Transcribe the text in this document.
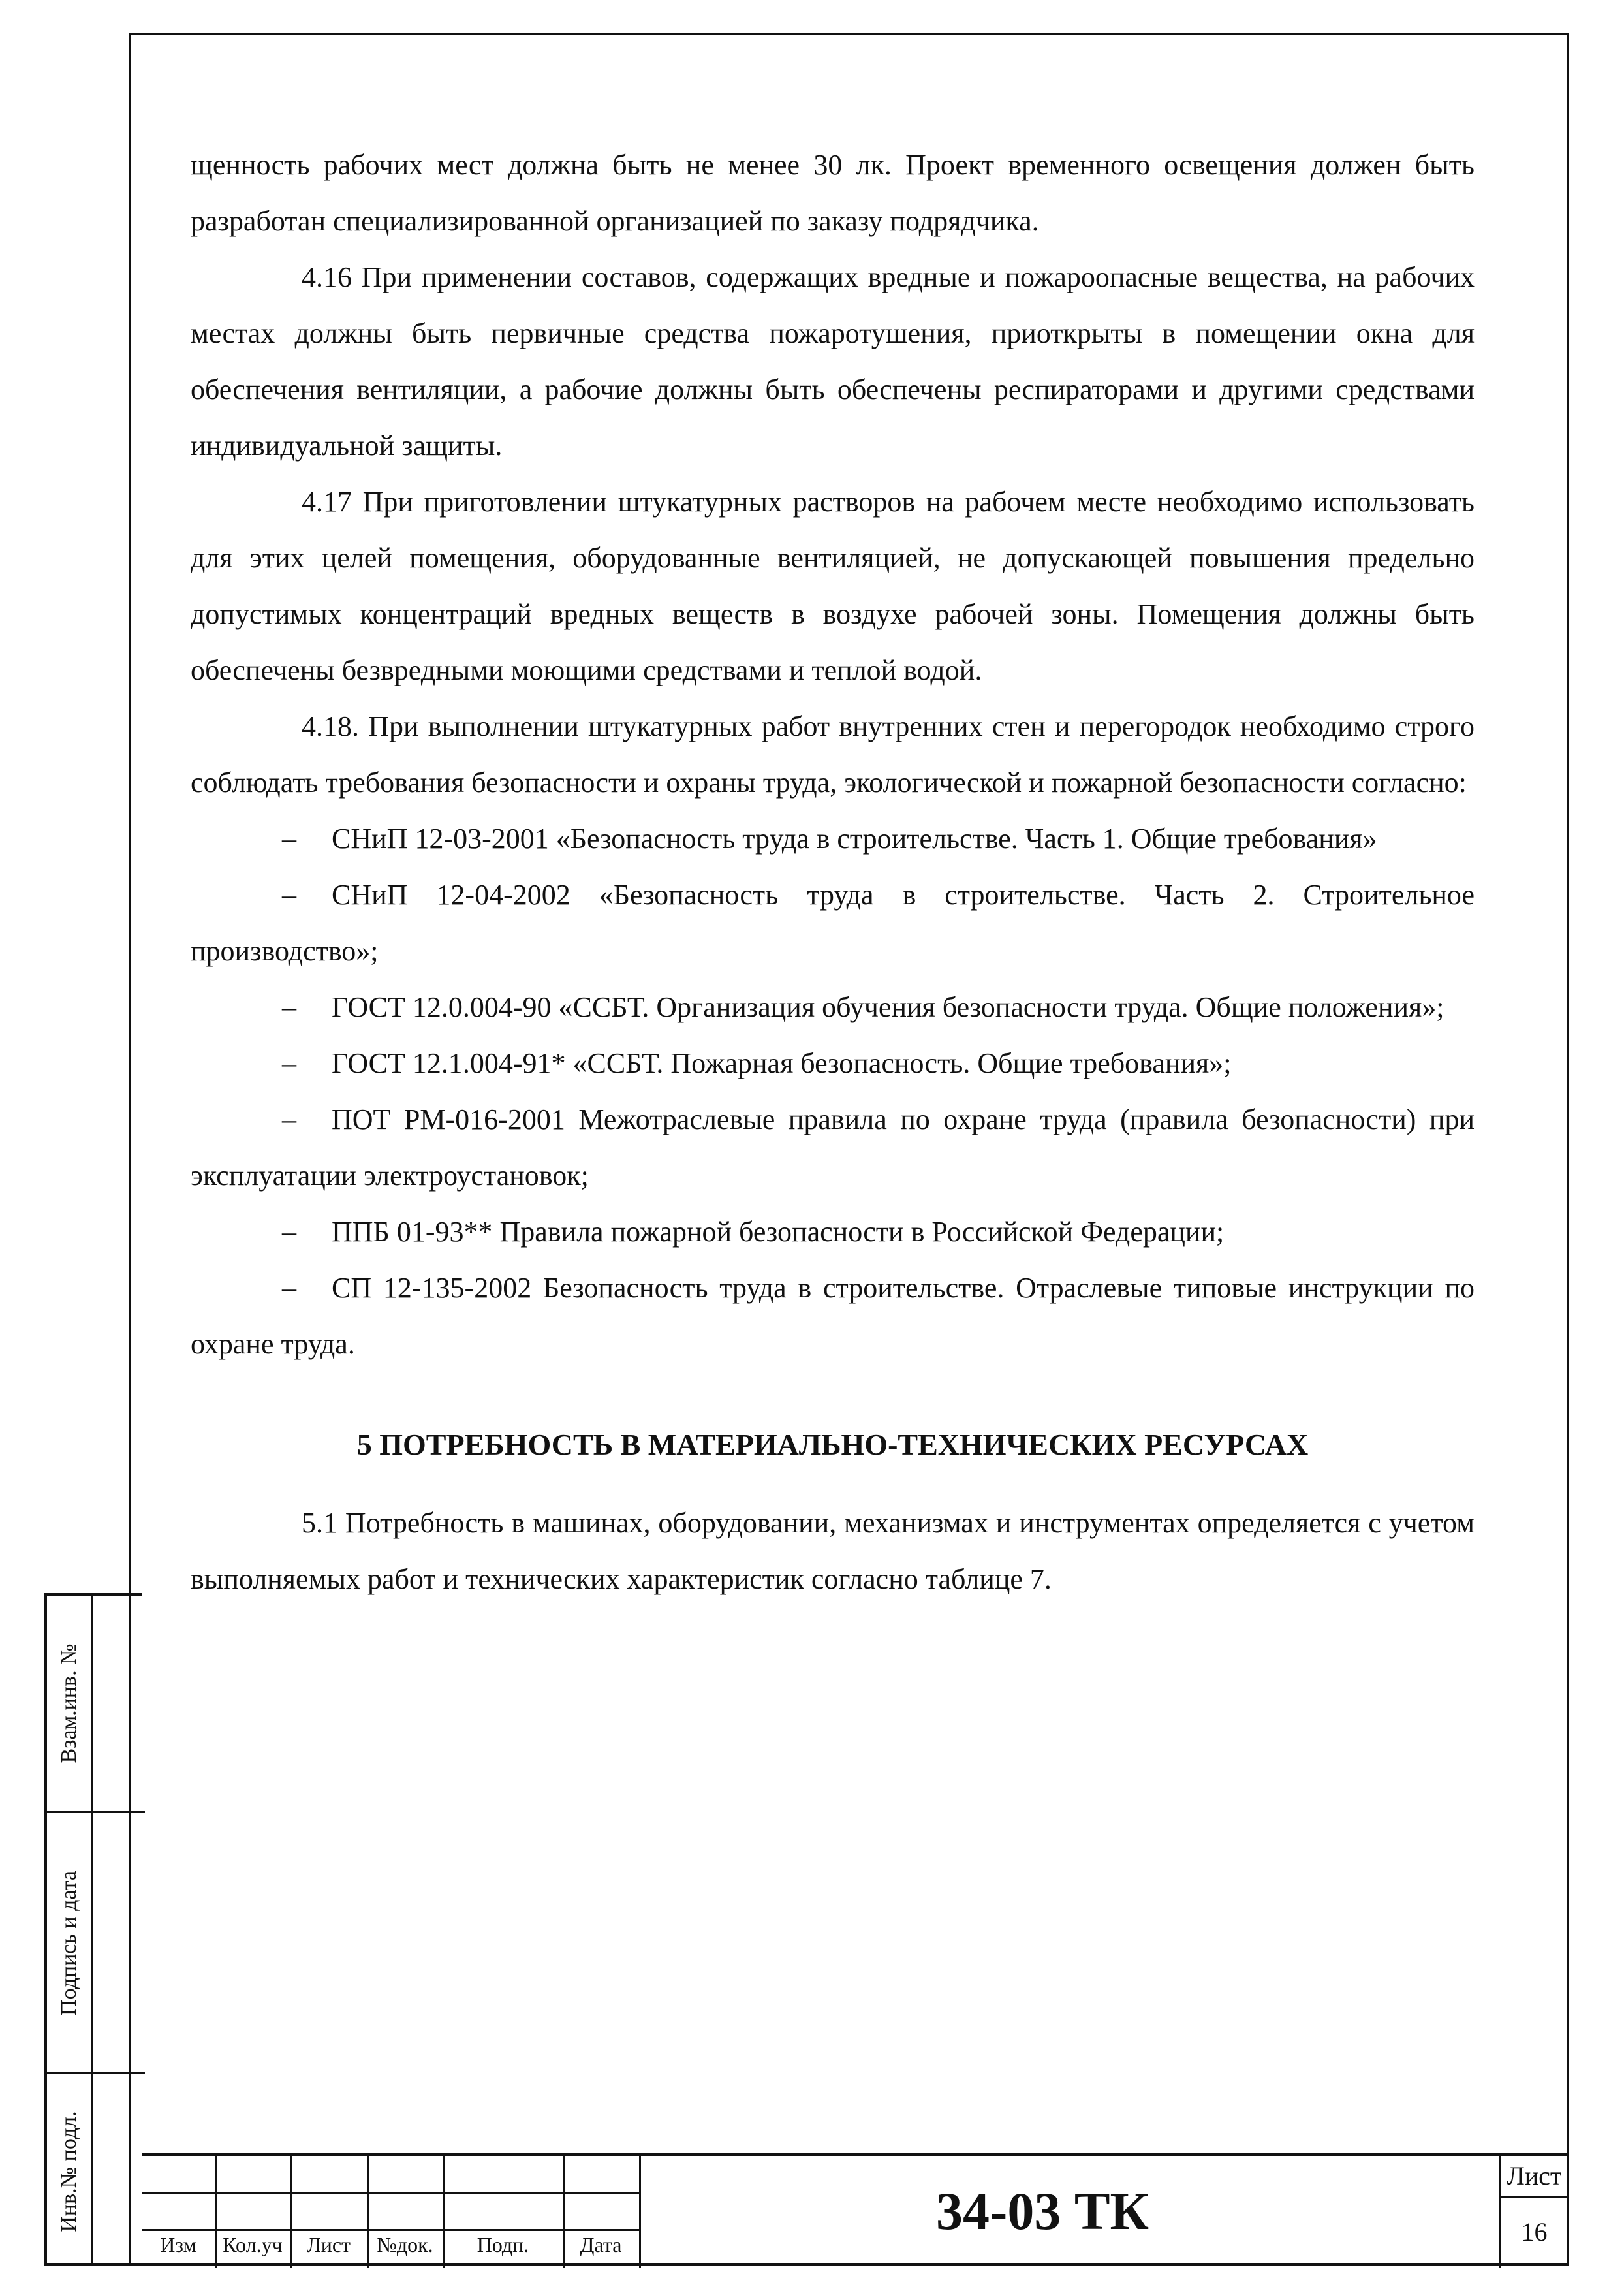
щенность рабочих мест должна быть не менее 30 лк. Проект временного освещения должен быть разработан специализированной организацией по заказу подрядчика.

4.16 При применении составов, содержащих вредные и пожароопасные вещества, на рабочих местах должны быть первичные средства пожаротушения, приоткрыты в помещении окна для обеспечения вентиляции, а рабочие должны быть обеспечены респираторами и другими средствами индивидуальной защиты.

4.17 При приготовлении штукатурных растворов на рабочем месте необходимо использовать для этих целей помещения, оборудованные вентиляцией, не допускающей повышения предельно допустимых концентраций вредных веществ в воздухе рабочей зоны. Помещения должны быть обеспечены безвредными моющими средствами и теплой водой.

4.18. При выполнении штукатурных работ внутренних стен и перегородок необходимо строго соблюдать требования безопасности и охраны труда, экологической и пожарной безопасности согласно:

– СНиП 12-03-2001 «Безопасность труда в строительстве. Часть 1. Общие требования»

– СНиП 12-04-2002 «Безопасность труда в строительстве. Часть 2. Строительное производство»;

– ГОСТ 12.0.004-90 «ССБТ. Организация обучения безопасности труда. Общие положения»;

– ГОСТ 12.1.004-91* «ССБТ. Пожарная безопасность. Общие требования»;

– ПОТ РМ-016-2001 Межотраслевые правила по охране труда (правила безопасности) при эксплуатации электроустановок;

– ППБ 01-93** Правила пожарной безопасности в Российской Федерации;

– СП 12-135-2002 Безопасность труда в строительстве. Отраслевые типовые инструкции по охране труда.

5 ПОТРЕБНОСТЬ В МАТЕРИАЛЬНО-ТЕХНИЧЕСКИХ РЕСУРСАХ

5.1 Потребность в машинах, оборудовании, механизмах и инструментах определяется с учетом выполняемых работ и технических характеристик согласно таблице 7.

Взам.инв. №
Подпись и дата
Инв.№ подл.
Изм	Кол.уч	Лист	№док.	Подп.	Дата
34-03 ТК
Лист
16
